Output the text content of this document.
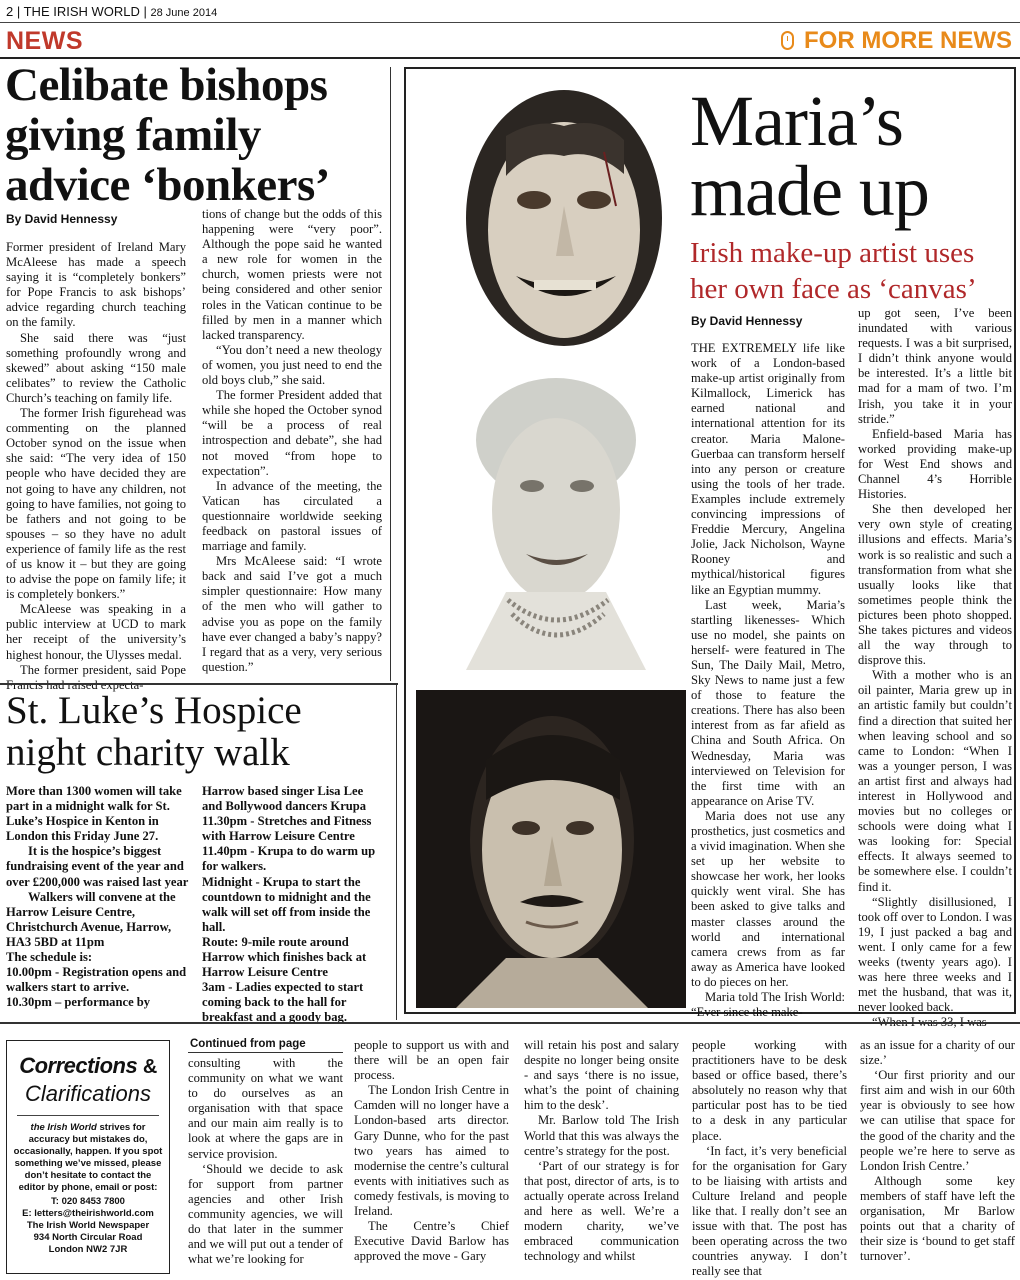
2 | THE IRISH WORLD | 28 June 2014
NEWS	FOR MORE NEWS
Celibate bishops giving family advice ‘bonkers’
By David Hennessy

Former president of Ireland Mary McAleese has made a speech saying it is “completely bonkers” for Pope Francis to ask bishops’ advice regarding church teaching on the family.

She said there was “just something profoundly wrong and skewed” about asking “150 male celibates” to review the Catholic Church’s teaching on family life.

The former Irish figurehead was commenting on the planned October synod on the issue when she said: “The very idea of 150 people who have decided they are not going to have any children, not going to have families, not going to be fathers and not going to be spouses – so they have no adult experience of family life as the rest of us know it – but they are going to advise the pope on family life; it is completely bonkers.”

McAleese was speaking in a public interview at UCD to mark her receipt of the university’s highest honour, the Ulysses medal.

The former president, said Pope Francis had raised expecta-

tions of change but the odds of this happening were “very poor”. Although the pope said he wanted a new role for women in the church, women priests were not being considered and other senior roles in the Vatican continue to be filled by men in a manner which lacked transparency.

“You don’t need a new theology of women, you just need to end the old boys club,” she said.

The former President added that while she hoped the October synod “will be a process of real introspection and debate”, she had not moved “from hope to expectation”.

In advance of the meeting, the Vatican has circulated a questionnaire worldwide seeking feedback on pastoral issues of marriage and family.

Mrs McAleese said: “I wrote back and said I’ve got a much simpler questionnaire: How many of the men who will gather to advise you as pope on the family have ever changed a baby’s nappy? I regard that as a very, very serious question.”

St. Luke’s Hospice night charity walk

More than 1300 women will take part in a midnight walk for St. Luke’s Hospice in Kenton in London this Friday June 27.

It is the hospice’s biggest fundraising event of the year and over £200,000 was raised last year

Walkers will convene at the Harrow Leisure Centre, Christchurch Avenue, Harrow, HA3 5BD at 11pm

The schedule is:

10.00pm - Registration opens and walkers start to arrive.

10.30pm – performance by

Harrow based singer Lisa Lee and Bollywood dancers Krupa

11.30pm - Stretches and Fitness with Harrow Leisure Centre

11.40pm - Krupa to do warm up for walkers.

Midnight - Krupa to start the countdown to midnight and the walk will set off from inside the hall.

Route: 9-mile route around Harrow which finishes back at Harrow Leisure Centre

3am - Ladies expected to start coming back to the hall for breakfast and a goody bag.

Maria’s made up
Irish make-up artist uses her own face as ‘canvas’
By David Hennessy

THE EXTREMELY life like work of a London-based make-up artist originally from Kilmallock, Limerick has earned national and international attention for its creator. Maria Malone-Guerbaa can transform herself into any person or creature using the tools of her trade. Examples include extremely convincing impressions of Freddie Mercury, Angelina Jolie, Jack Nicholson, Wayne Rooney and mythical/historical figures like an Egyptian mummy.

Last week, Maria’s startling likenesses- Which use no model, she paints on herself- were featured in The Sun, The Daily Mail, Metro, Sky News to name just a few of those to feature the creations. There has also been interest from as far afield as China and South Africa. On Wednesday, Maria was interviewed on Television for the first time with an appearance on Arise TV.

Maria does not use any prosthetics, just cosmetics and a vivid imagination. When she set up her website to showcase her work, her looks quickly went viral. She has been asked to give talks and master classes around the world and international camera crews from as far away as America have looked to do pieces on her.

Maria told The Irish World: “Ever since the make-

up got seen, I’ve been inundated with various requests. I was a bit surprised, I didn’t think anyone would be interested. It’s a little bit mad for a mam of two. I’m Irish, you take it in your stride.”

Enfield-based Maria has worked providing make-up for West End shows and Channel 4’s Horrible Histories.

She then developed her very own style of creating illusions and effects. Maria’s work is so realistic and such a transformation from what she usually looks like that sometimes people think the pictures been photo shopped. She takes pictures and videos all the way through to disprove this.

With a mother who is an oil painter, Maria grew up in an artistic family but couldn’t find a direction that suited her when leaving school and so came to London: “When I was a younger person, I was an artist first and always had interest in Hollywood and movies but no colleges or schools were doing what I was looking for: Special effects. It always seemed to be somewhere else. I couldn’t find it.

“Slightly disillusioned, I took off over to London. I was 19, I just packed a bag and went. I only came for a few weeks (twenty years ago). I was here three weeks and I met the husband, that was it, never looked back.

“When I was 33, I was

Corrections &
Clarifications
the Irish World strives for accuracy but mistakes do, occasionally, happen. If you spot something we’ve missed, please don’t hesitate to contact the editor by phone, email or post:
T: 020 8453 7800
E: letters@theirishworld.com
The Irish World Newspaper
934 North Circular Road
London NW2 7JR
Continued from page

consulting with the community on what we want to do ourselves as an organisation with that space and our main aim really is to look at where the gaps are in service provision.

‘Should we decide to ask for support from partner agencies and other Irish community agencies, we will do that later in the summer and we will put out a tender of what we’re looking for

people to support us with and there will be an open fair process.

The London Irish Centre in Camden will no longer have a London-based arts director. Gary Dunne, who for the past two years has aimed to modernise the centre’s cultural events with initiatives such as comedy festivals, is moving to Ireland.

The Centre’s Chief Executive David Barlow has approved the move - Gary

will retain his post and salary despite no longer being onsite - and says ‘there is no issue, what’s the point of chaining him to the desk’.

Mr. Barlow told The Irish World that this was always the centre’s strategy for the post.

‘Part of our strategy is for that post, director of arts, is to actually operate across Ireland and here as well. We’re a modern charity, we’ve embraced communication technology and whilst

people working with practitioners have to be desk based or office based, there’s absolutely no reason why that particular post has to be tied to a desk in any particular place.

‘In fact, it’s very beneficial for the organisation for Gary to be liaising with artists and Culture Ireland and people like that. I really don’t see an issue with that. The post has been operating across the two countries anyway. I don’t really see that

as an issue for a charity of our size.’

‘Our first priority and our first aim and wish in our 60th year is obviously to see how we can utilise that space for the good of the charity and the people we’re here to serve as London Irish Centre.’

Although some key members of staff have left the organisation, Mr Barlow points out that a charity of their size is ‘bound to get staff turnover’.
